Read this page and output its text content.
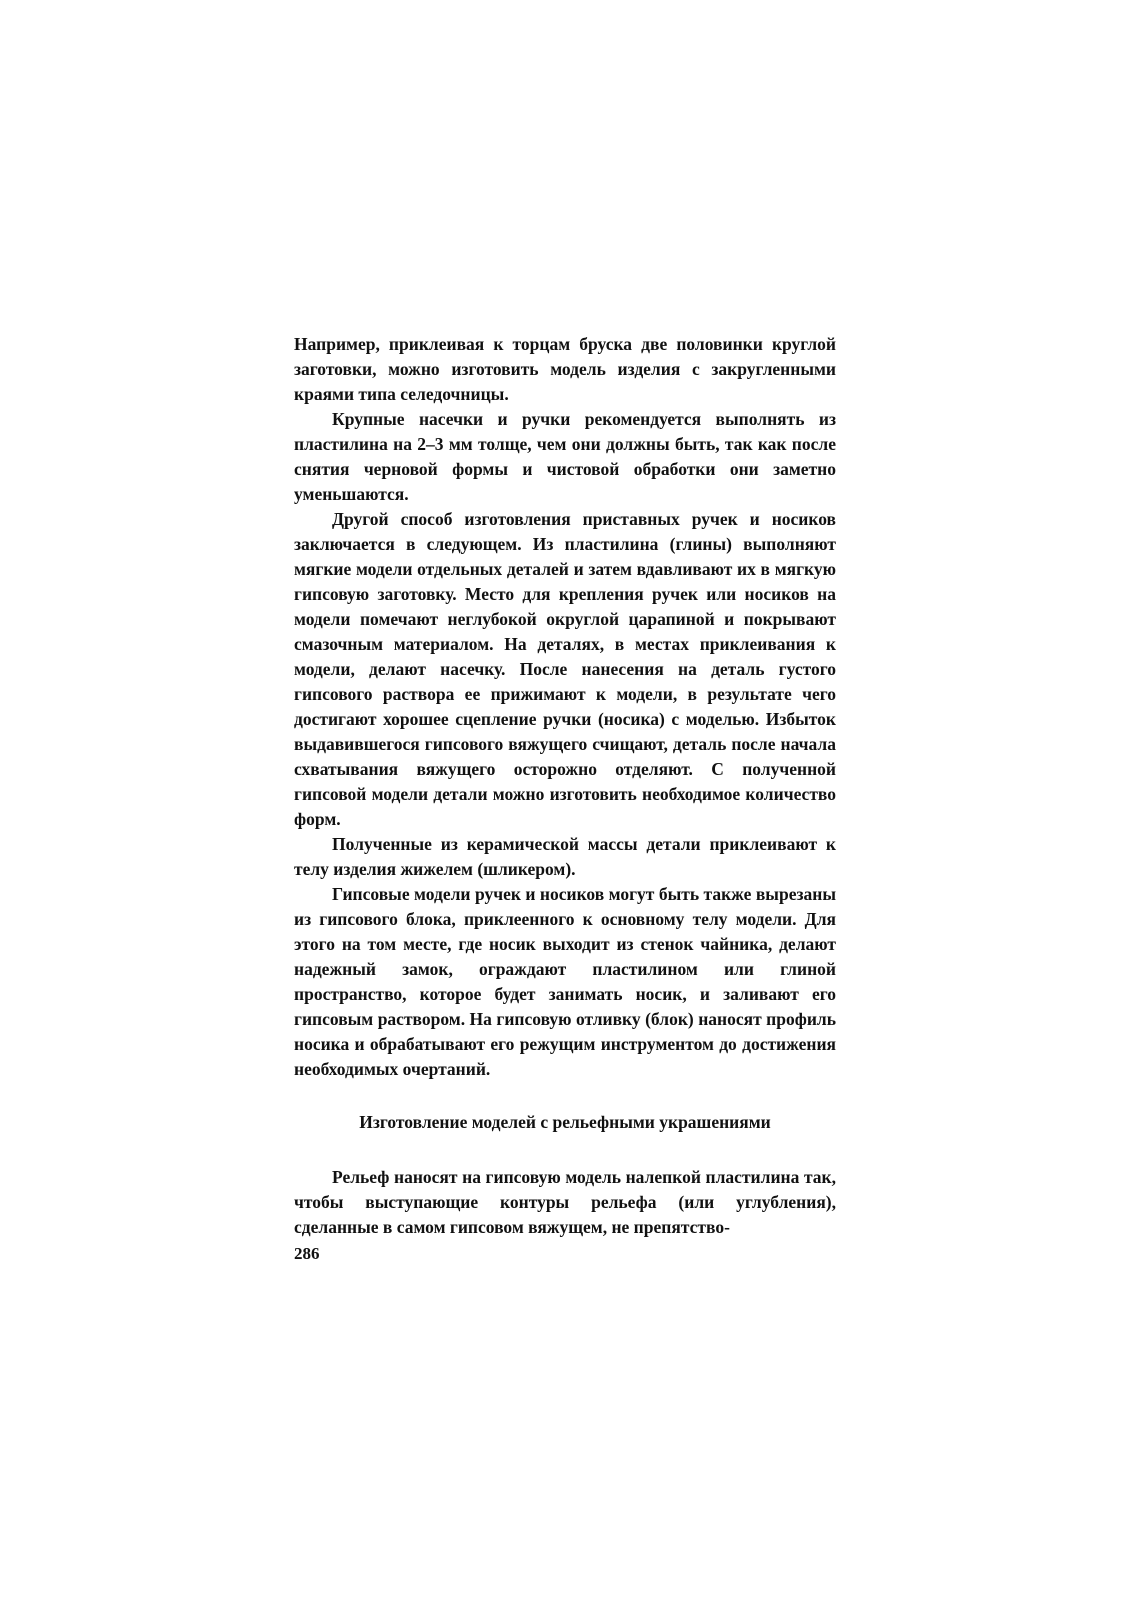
Например, приклеивая к торцам бруска две половинки круглой заготовки, можно изготовить модель изделия с закругленными краями типа селедочницы.

Крупные насечки и ручки рекомендуется выполнять из пластилина на 2–3 мм толще, чем они должны быть, так как после снятия черновой формы и чистовой обработки они заметно уменьшаются.

Другой способ изготовления приставных ручек и носиков заключается в следующем. Из пластилина (глины) выполняют мягкие модели отдельных деталей и затем вдавливают их в мягкую гипсовую заготовку. Место для крепления ручек или носиков на модели помечают неглубокой округлой царапиной и покрывают смазочным материалом. На деталях, в местах приклеивания к модели, делают насечку. После нанесения на деталь густого гипсового раствора ее прижимают к модели, в результате чего достигают хорошее сцепление ручки (носика) с моделью. Избыток выдавившегося гипсового вяжущего счищают, деталь после начала схватывания вяжущего осторожно отделяют. С полученной гипсовой модели детали можно изготовить необходимое количество форм.

Полученные из керамической массы детали приклеивают к телу изделия жижелем (шликером).

Гипсовые модели ручек и носиков могут быть также вырезаны из гипсового блока, приклеенного к основному телу модели. Для этого на том месте, где носик выходит из стенок чайника, делают надежный замок, ограждают пластилином или глиной пространство, которое будет занимать носик, и заливают его гипсовым раствором. На гипсовую отливку (блок) наносят профиль носика и обрабатывают его режущим инструментом до достижения необходимых очертаний.

Изготовление моделей с рельефными украшениями

Рельеф наносят на гипсовую модель налепкой пластилина так, чтобы выступающие контуры рельефа (или углубления), сделанные в самом гипсовом вяжущем, не препятство-

286
